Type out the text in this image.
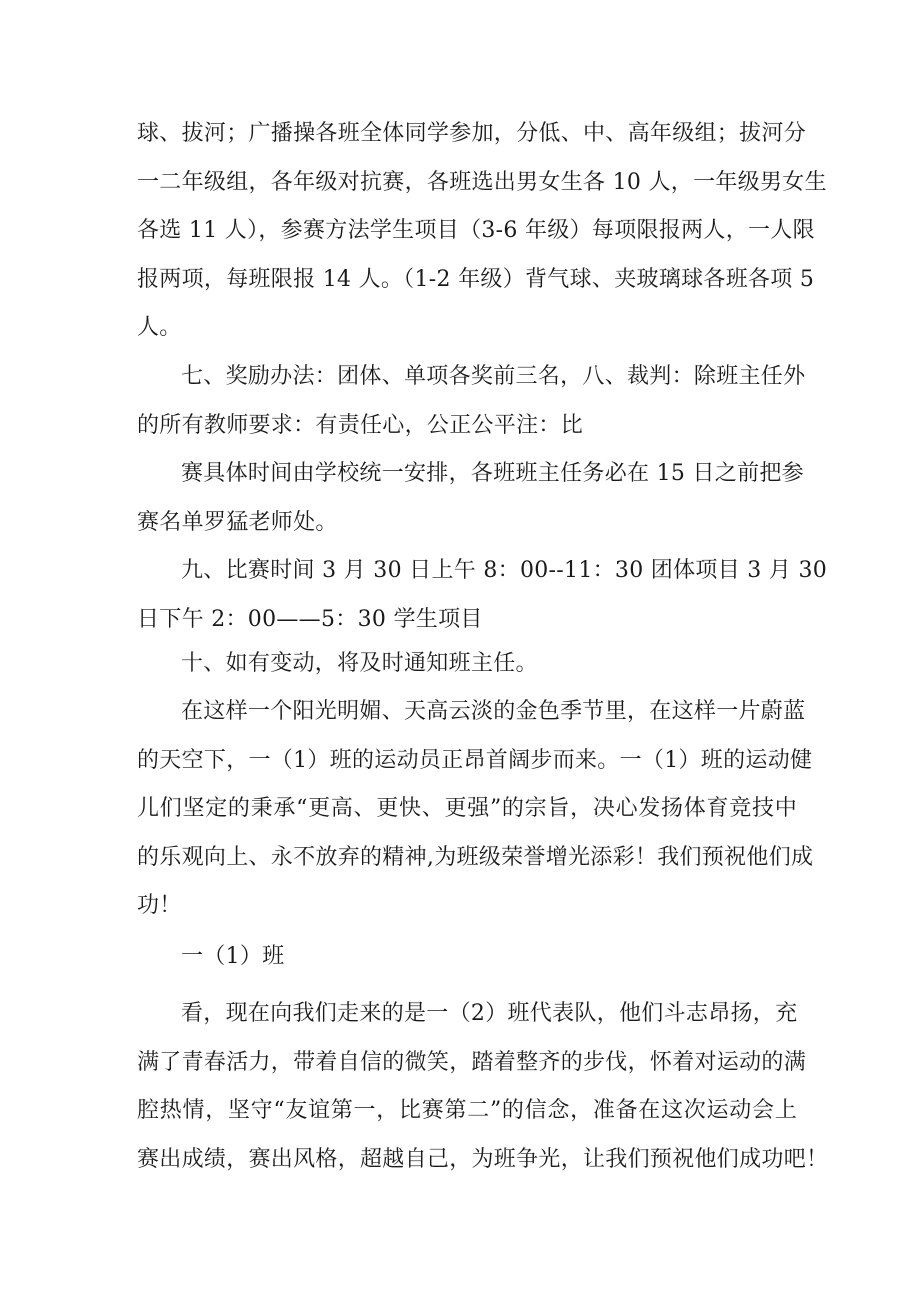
球、拔河；广播操各班全体同学参加，分低、中、高年级组；拔河分
一二年级组，各年级对抗赛，各班选出男女生各 10 人，一年级男女生
各选 11 人），参赛方法学生项目（3-6 年级）每项限报两人，一人限
报两项，每班限报 14 人。（1-2 年级）背气球、夹玻璃球各班各项 5
人。
七、奖励办法：团体、单项各奖前三名，八、裁判：除班主任外
的所有教师要求：有责任心，公正公平注：比
赛具体时间由学校统一安排，各班班主任务必在 15 日之前把参
赛名单罗猛老师处。
九、比赛时间 3 月 30 日上午 8：00--11：30 团体项目 3 月 30
日下午 2：00——5：30 学生项目
十、如有变动，将及时通知班主任。
在这样一个阳光明媚、天高云淡的金色季节里，在这样一片蔚蓝
的天空下，一（1）班的运动员正昂首阔步而来。一（1）班的运动健
儿们坚定的秉承“更高、更快、更强”的宗旨，决心发扬体育竞技中
的乐观向上、永不放弃的精神,为班级荣誉增光添彩！我们预祝他们成
功！
一（1）班
看，现在向我们走来的是一（2）班代表队，他们斗志昂扬，充
满了青春活力，带着自信的微笑，踏着整齐的步伐，怀着对运动的满
腔热情，坚守“友谊第一，比赛第二”的信念，准备在这次运动会上
赛出成绩，赛出风格，超越自己，为班争光，让我们预祝他们成功吧！
